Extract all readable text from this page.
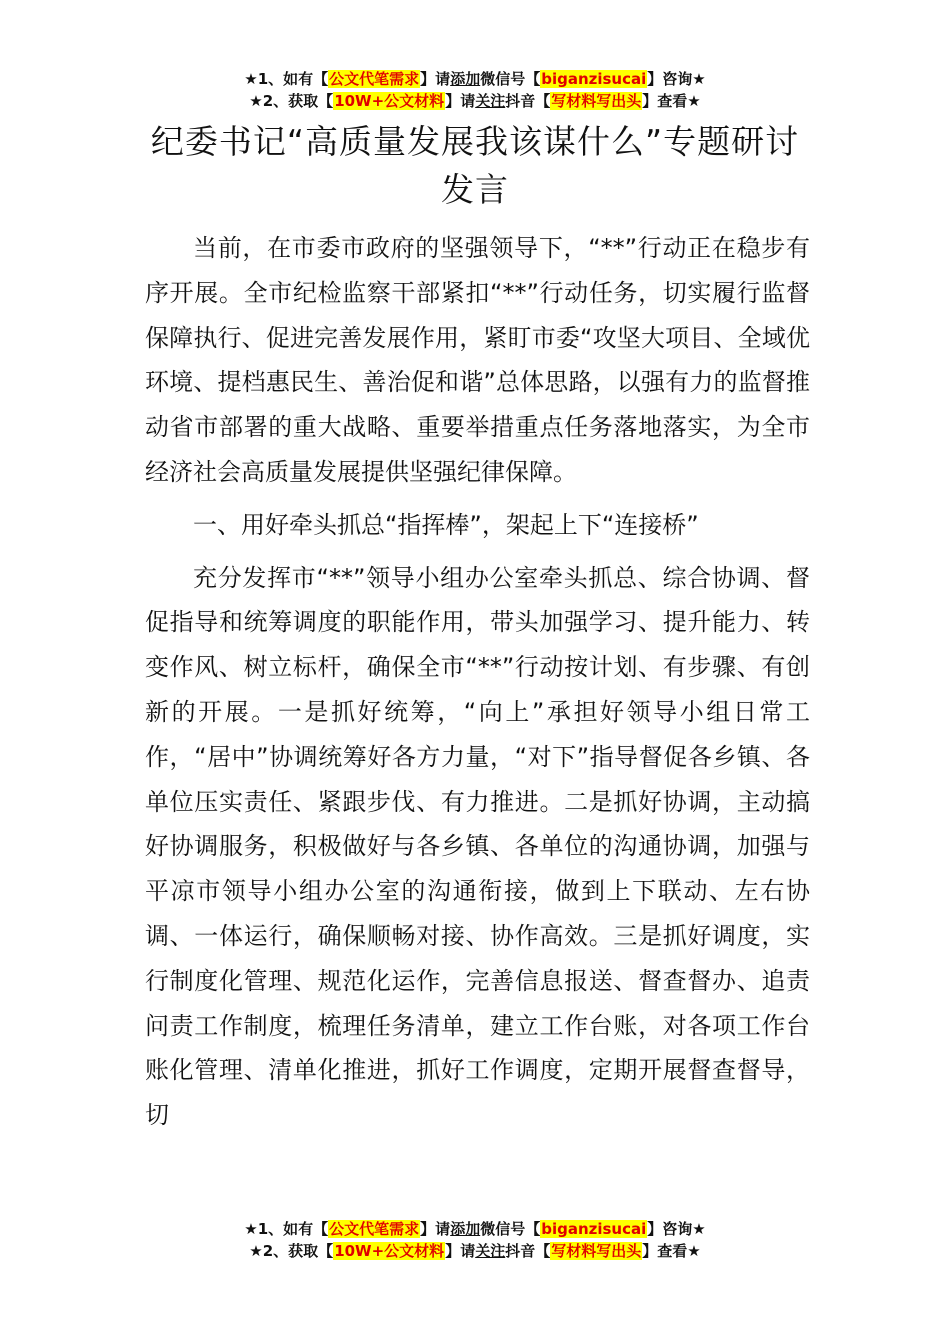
★1、如有【公文代笔需求】请添加微信号【biganzisucai】咨询★
★2、获取【10W+公文材料】请关注抖音【写材料写出头】查看★
纪委书记“高质量发展我该谋什么”专题研讨发言

当前，在市委市政府的坚强领导下，“**”行动正在稳步有序开展。全市纪检监察干部紧扣“**”行动任务，切实履行监督保障执行、促进完善发展作用，紧盯市委“攻坚大项目、全域优环境、提档惠民生、善治促和谐”总体思路，以强有力的监督推动省市部署的重大战略、重要举措重点任务落地落实，为全市经济社会高质量发展提供坚强纪律保障。

一、用好牵头抓总“指挥棒”，架起上下“连接桥”

充分发挥市“**”领导小组办公室牵头抓总、综合协调、督促指导和统筹调度的职能作用，带头加强学习、提升能力、转变作风、树立标杆，确保全市“**”行动按计划、有步骤、有创新的开展。一是抓好统筹，“向上”承担好领导小组日常工作，“居中”协调统筹好各方力量，“对下”指导督促各乡镇、各单位压实责任、紧跟步伐、有力推进。二是抓好协调，主动搞好协调服务，积极做好与各乡镇、各单位的沟通协调，加强与平凉市领导小组办公室的沟通衔接，做到上下联动、左右协调、一体运行，确保顺畅对接、协作高效。三是抓好调度，实行制度化管理、规范化运作，完善信息报送、督查督办、追责问责工作制度，梳理任务清单，建立工作台账，对各项工作台账化管理、清单化推进，抓好工作调度，定期开展督查督导，切

★1、如有【公文代笔需求】请添加微信号【biganzisucai】咨询★
★2、获取【10W+公文材料】请关注抖音【写材料写出头】查看★
